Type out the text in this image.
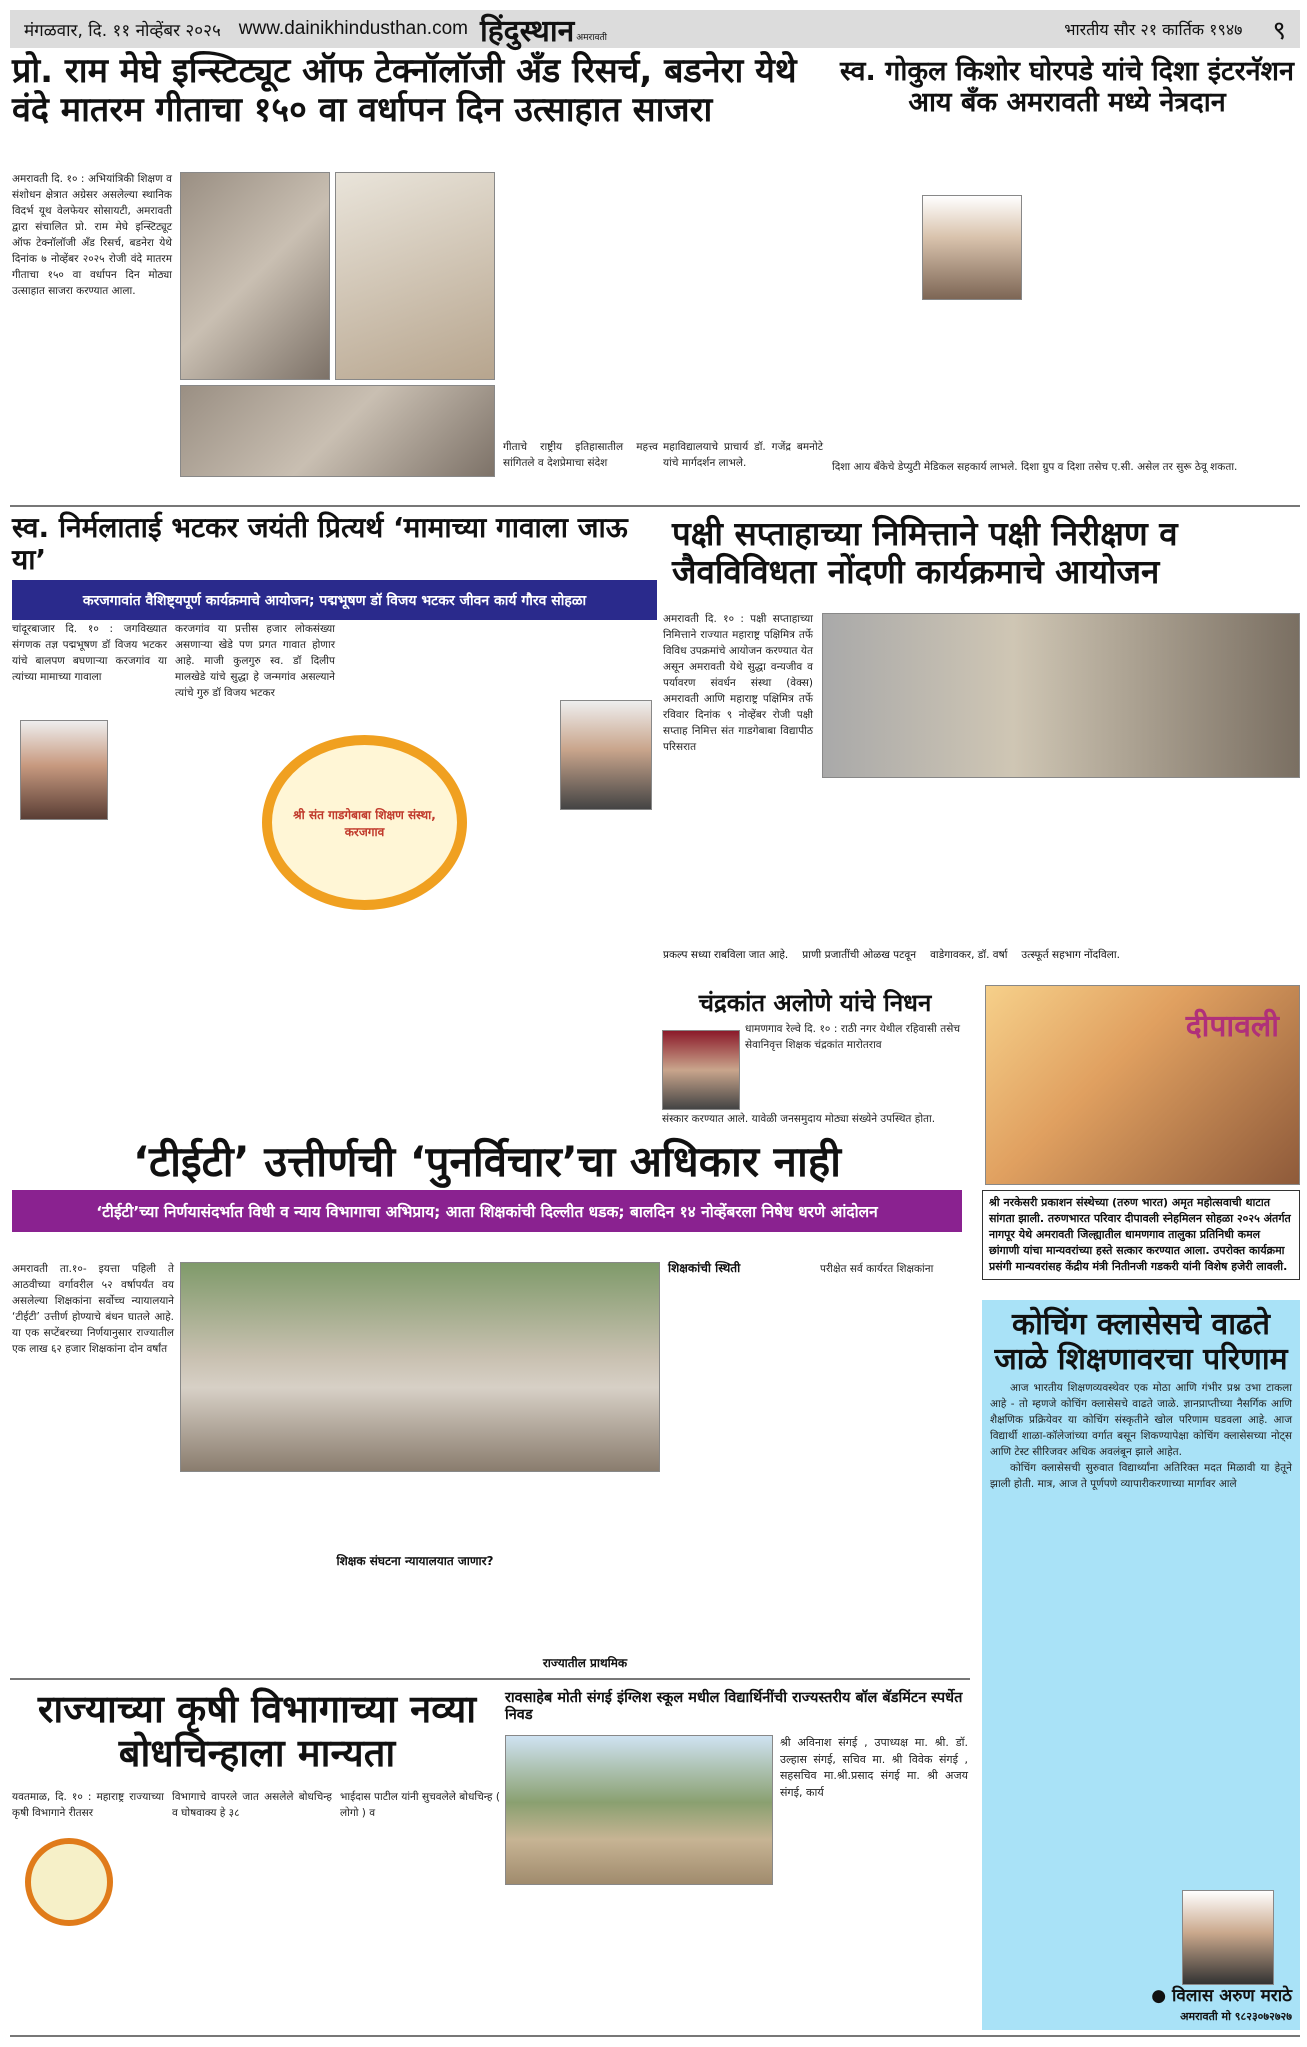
मंगळवार, दि. ११ नोव्हेंबर २०२५ www.dainikhindusthan.com हिंदुस्थान अमरावती	भारतीय सौर २१ कार्तिक १९४७ ९
प्रो. राम मेघे इन्स्टिट्यूट ऑफ टेक्नॉलॉजी अँड रिसर्च, बडनेरा येथे वंदे मातरम गीताचा १५० वा वर्धापन दिन उत्साहात साजरा
अमरावती दि. १० : अभियांत्रिकी शिक्षण व संशोधन क्षेत्रात अग्रेसर असलेल्या स्थानिक विदर्भ यूथ वेलफेयर सोसायटी, अमरावती द्वारा संचालित प्रो. राम मेघे इन्स्टिट्यूट ऑफ टेक्नॉलॉजी अँड रिसर्च, बडनेरा येथे दिनांक ७ नोव्हेंबर २०२५ रोजी वंदे मातरम गीताचा १५० वा वर्धापन दिन मोठ्या उत्साहात साजरा करण्यात आला.
गीताचे राष्ट्रीय इतिहासातील महत्त्व सांगितले व देशप्रेमाचा संदेश
महाविद्यालयाचे प्राचार्य डॉ. गजेंद्र बमनोटे यांचे मार्गदर्शन लाभले.
स्व. गोकुल किशोर घोरपडे यांचे दिशा इंटरनॅशन आय बँक अमरावती मध्ये नेत्रदान
दिशा आय बँकेचे डेप्युटी मेडिकल सहकार्य लाभले. दिशा ग्रुप व दिशा तसेच ए.सी. असेल तर सुरू ठेवू शकता.
स्व. निर्मलाताई भटकर जयंती प्रित्यर्थ ‘मामाच्या गावाला जाऊ या’
करजगावांत वैशिष्ट्यपूर्ण कार्यक्रमाचे आयोजन; पद्मभूषण डॉ विजय भटकर जीवन कार्य गौरव सोहळा
चांदूरबाजार दि. १० : जगविख्यात संगणक तज्ञ पद्मभूषण डॉ विजय भटकर यांचे बालपण बघणाऱ्या करजगांव या त्यांच्या मामाच्या गावाला
करजगांव या प्रत्तीस हजार लोकसंख्या असणाऱ्या खेडे पण प्रगत गावात होणार आहे. माजी कुलगुरु स्व. डॉ दिलीप मालखेडे यांचे सुद्धा हे जन्मगांव असल्याने त्यांचे गुरु डॉ विजय भटकर
श्री संत गाडगेबाबा शिक्षण संस्था, करजगाव
पक्षी सप्ताहाच्या निमित्ताने पक्षी निरीक्षण व जैवविविधता नोंदणी कार्यक्रमाचे आयोजन
अमरावती दि. १० : पक्षी सप्ताहाच्या निमित्ताने राज्यात महाराष्ट्र पक्षिमित्र तर्फे विविध उपक्रमांचे आयोजन करण्यात येत असून अमरावती येथे सुद्धा वन्यजीव व पर्यावरण संवर्धन संस्था (वेक्स) अमरावती आणि महाराष्ट्र पक्षिमित्र तर्फे रविवार दिनांक ९ नोव्हेंबर रोजी पक्षी सप्ताह निमित्त संत गाडगेबाबा विद्यापीठ परिसरात
प्रकल्प सध्या राबविला जात आहे. प्राणी प्रजातींची ओळख पटवून वाडेगावकर, डॉ. वर्षा उत्स्फूर्त सहभाग नोंदविला.
चंद्रकांत अलोणे यांचे निधन
धामणगाव रेल्वे दि. १० : राठी नगर येथील रहिवासी तसेच सेवानिवृत्त शिक्षक चंद्रकांत मारोतराव
संस्कार करण्यात आले. यावेळी जनसमुदाय मोठ्या संख्येने उपस्थित होता.
दीपावली
श्री नरकेसरी प्रकाशन संस्थेच्या (तरुण भारत) अमृत महोत्सवाची थाटात सांगता झाली. तरुणभारत परिवार दीपावली स्नेहमिलन सोहळा २०२५ अंतर्गत नागपूर येथे अमरावती जिल्ह्यातील धामणगाव तालुका प्रतिनिधी कमल छांगाणी यांचा मान्यवरांच्या हस्ते सत्कार करण्यात आला. उपरोक्त कार्यक्रमा प्रसंगी मान्यवरांसह केंद्रीय मंत्री नितीनजी गडकरी यांनी विशेष हजेरी लावली.
‘टीईटी’ उत्तीर्णची ‘पुनर्विचार’चा अधिकार नाही
‘टीईटी’च्या निर्णयासंदर्भात विधी व न्याय विभागाचा अभिप्राय; आता शिक्षकांची दिल्लीत धडक; बालदिन १४ नोव्हेंबरला निषेध धरणे आंदोलन
अमरावती ता.१०- इयत्ता पहिली ते आठवीच्या वर्गावरील ५२ वर्षापर्यंत वय असलेल्या शिक्षकांना सर्वोच्च न्यायालयाने ‘टीईटी’ उत्तीर्ण होण्याचे बंधन घातले आहे. या एक सप्टेंबरच्या निर्णयानुसार राज्यातील एक लाख ६२ हजार शिक्षकांना दोन वर्षांत
शिक्षकांची स्थिती	परीक्षेत सर्व कार्यरत शिक्षकांना
शिक्षक संघटना न्यायालयात जाणार?
राज्यातील प्राथमिक
कोचिंग क्लासेसचे वाढते जाळे शिक्षणावरचा परिणाम
आज भारतीय शिक्षणव्यवस्थेवर एक मोठा आणि गंभीर प्रश्न उभा टाकला आहे - तो म्हणजे कोचिंग क्लासेसचे वाढते जाळे. ज्ञानप्राप्तीच्या नैसर्गिक आणि शैक्षणिक प्रक्रियेवर या कोचिंग संस्कृतीने खोल परिणाम घडवला आहे. आज विद्यार्थी शाळा-कॉलेजांच्या वर्गात बसून शिकण्यापेक्षा कोचिंग क्लासेसच्या नोट्स आणि टेस्ट सीरिजवर अधिक अवलंबून झाले आहेत.
कोचिंग क्लासेसची सुरुवात विद्यार्थ्यांना अतिरिक्त मदत मिळावी या हेतूने झाली होती. मात्र, आज ते पूर्णपणे व्यापारीकरणाच्या मार्गावर आले
● विलास अरुण मराठे
अमरावती मो ९८२३०७२७२७
राज्याच्या कृषी विभागाच्या नव्या बोधचिन्हाला मान्यता
यवतमाळ, दि. १० : महाराष्ट्र राज्याच्या कृषी विभागाने रीतसर
विभागाचे वापरले जात असलेले बोधचिन्ह व घोषवाक्य हे ३८
भाईदास पाटील यांनी सुचवलेले बोधचिन्ह ( लोगो ) व
रावसाहेब मोती संगई इंग्लिश स्कूल मधील विद्यार्थिनींची राज्यस्तरीय बॉल बॅडमिंटन स्पर्धेत निवड
श्री अविनाश संगई , उपाध्यक्ष मा. श्री. डॉ. उल्हास संगई, सचिव मा. श्री विवेक संगई , सहसचिव मा.श्री.प्रसाद संगई मा. श्री अजय संगई, कार्य
